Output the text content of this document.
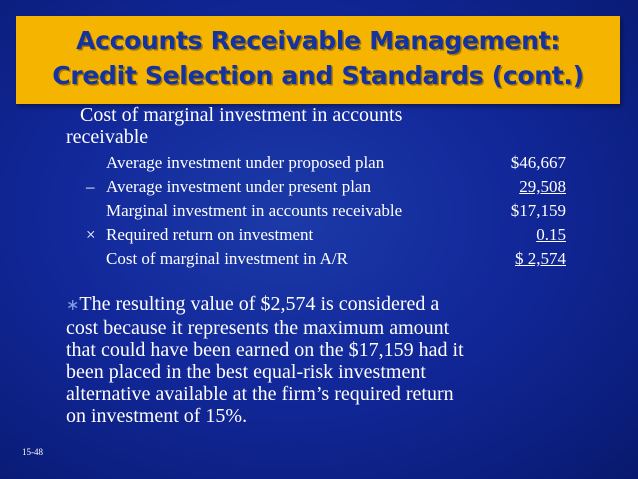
Accounts Receivable Management:
Credit Selection and Standards (cont.)
Cost of marginal investment in accounts
receivable
Average investment under proposed plan	$46,667
– Average investment under present plan	29,508
Marginal investment in accounts receivable	$17,159
× Required return on investment	0.15
Cost of marginal investment in A/R	$ 2,574
∗The resulting value of $2,574 is considered a
cost because it represents the maximum amount
that could have been earned on the $17,159 had it
been placed in the best equal-risk investment
alternative available at the firm’s required return
on investment of 15%.
15-48
